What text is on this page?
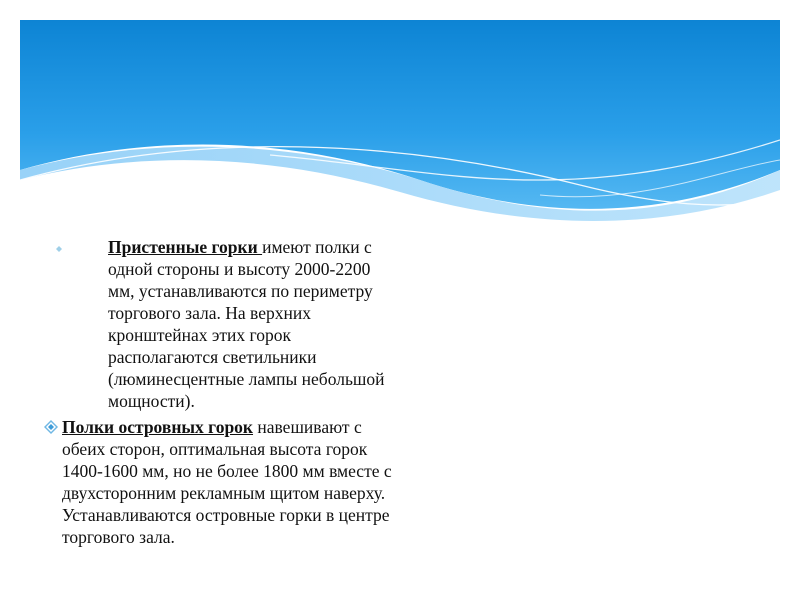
Пристенные горки имеют полки с одной стороны и высоту 2000-2200 мм, устанавливаются по периметру торгового зала. На верхних кронштейнах этих горок располагаются светильники (люминесцентные лампы небольшой мощности).

Полки островных горок навешивают с обеих сторон, оптимальная высота горок 1400-1600 мм, но не более 1800 мм вместе с двухсторонним рекламным щитом наверху. Устанавливаются островные горки в центре торгового зала.
